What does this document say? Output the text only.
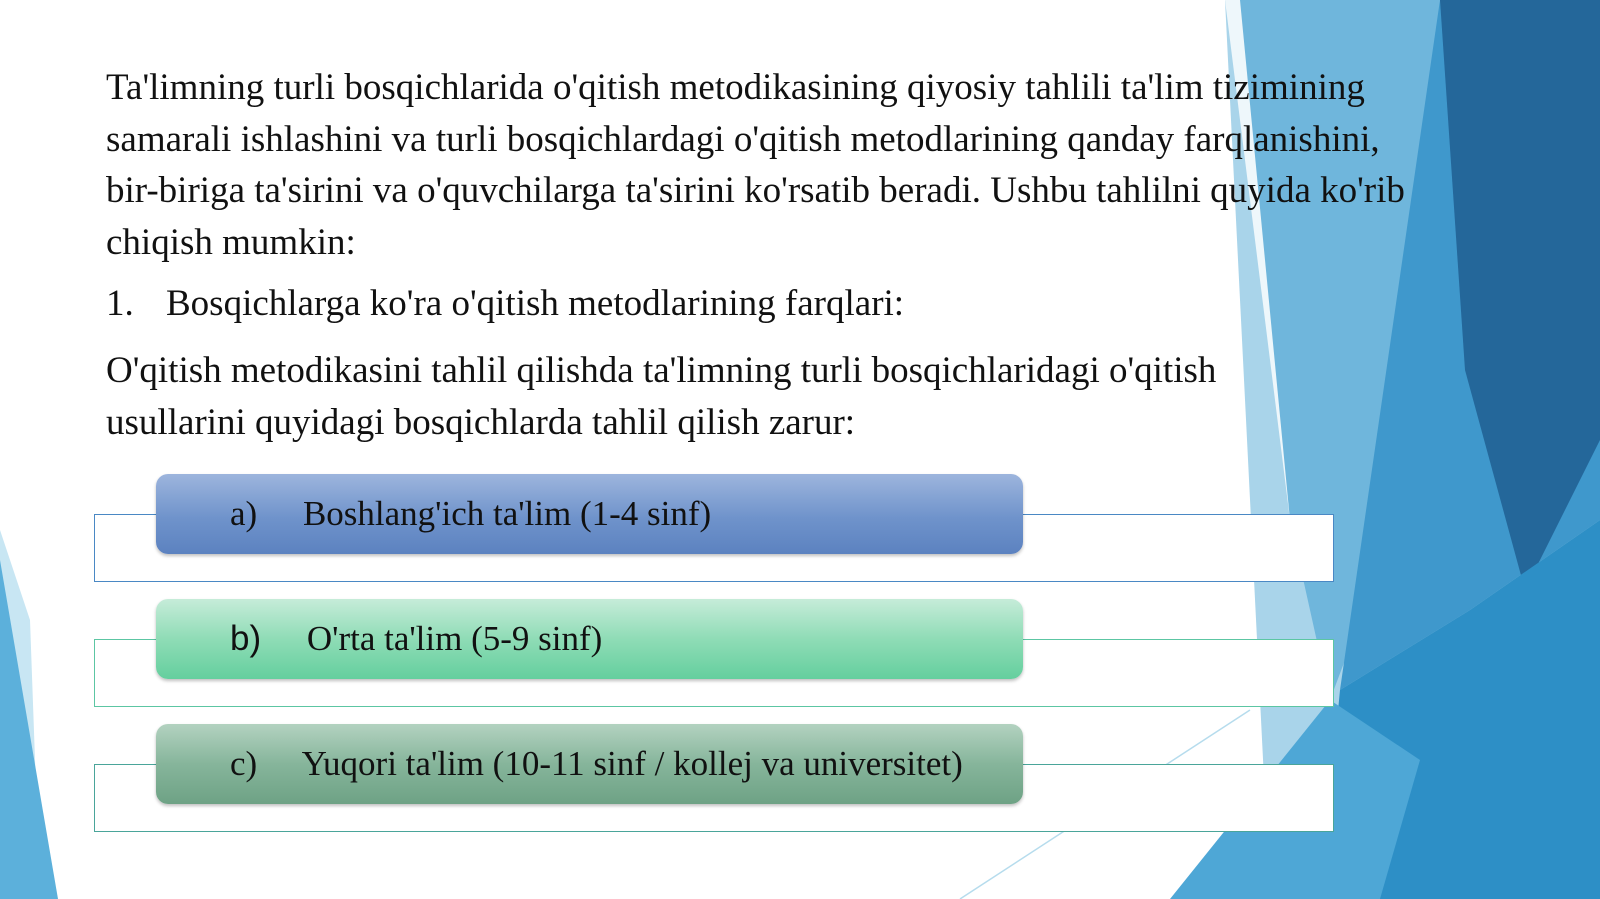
Ta'limning turli bosqichlarida o'qitish metodikasining qiyosiy tahlili ta'lim tizimining samarali ishlashini va turli bosqichlardagi o'qitish metodlarining qanday farqlanishini, bir-biriga ta'sirini va o'quvchilarga ta'sirini ko'rsatib beradi. Ushbu tahlilni quyida ko'rib chiqish mumkin:

1. Bosqichlarga ko'ra o'qitish metodlarining farqlari:

O'qitish metodikasini tahlil qilishda ta'limning turli bosqichlaridagi o'qitish usullarini quyidagi bosqichlarda tahlil qilish zarur:

a) Boshlang'ich ta'lim (1-4 sinf)
b) O'rta ta'lim (5-9 sinf)
c) Yuqori ta'lim (10-11 sinf / kollej va universitet)
